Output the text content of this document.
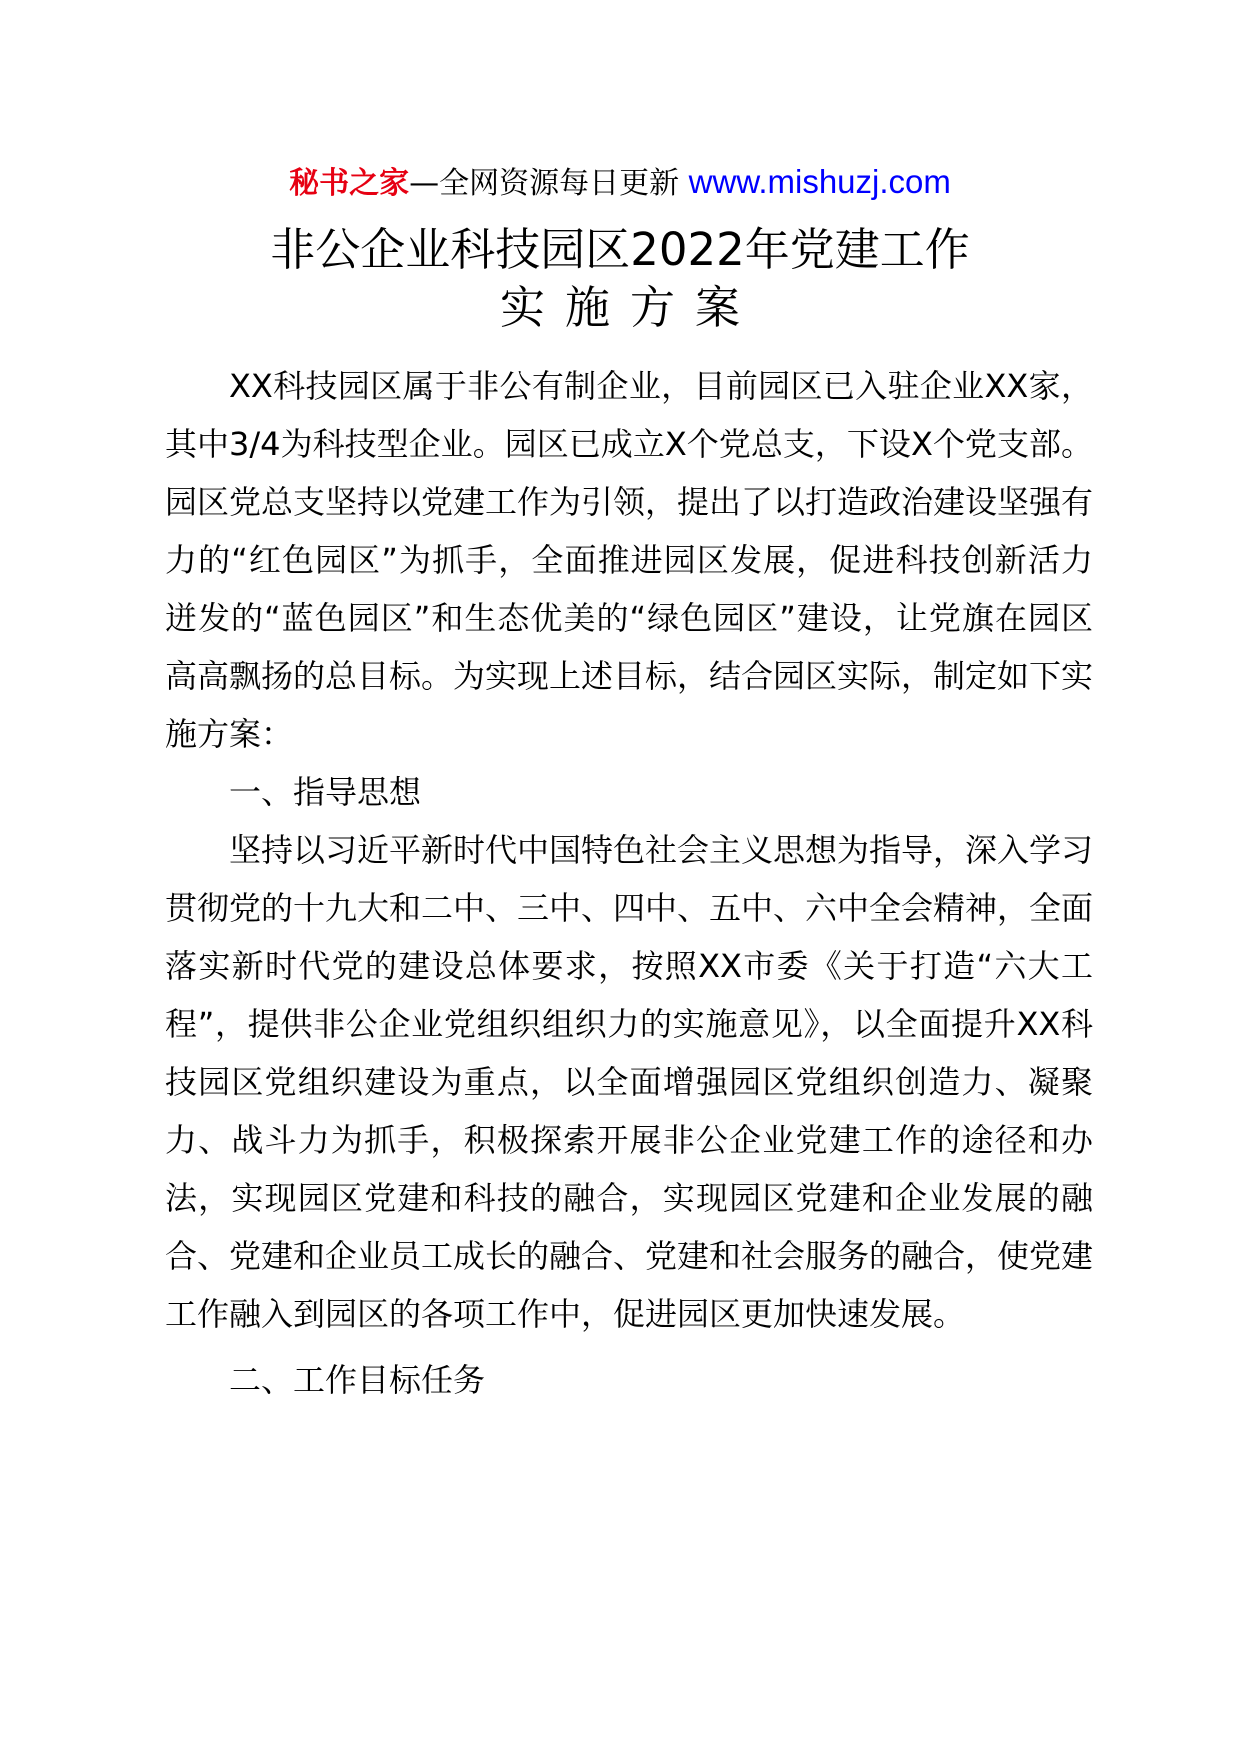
秘书之家—全网资源每日更新 www.mishuzj.com
非公企业科技园区2022年党建工作
实施方案

XX科技园区属于非公有制企业，目前园区已入驻企业XX家，其中3/4为科技型企业。园区已成立X个党总支，下设X个党支部。园区党总支坚持以党建工作为引领，提出了以打造政治建设坚强有力的“红色园区”为抓手，全面推进园区发展，促进科技创新活力迸发的“蓝色园区”和生态优美的“绿色园区”建设，让党旗在园区高高飘扬的总目标。为实现上述目标，结合园区实际，制定如下实施方案：

一、指导思想

坚持以习近平新时代中国特色社会主义思想为指导，深入学习贯彻党的十九大和二中、三中、四中、五中、六中全会精神，全面落实新时代党的建设总体要求，按照XX市委《关于打造“六大工程”，提供非公企业党组织组织力的实施意见》，以全面提升XX科技园区党组织建设为重点，以全面增强园区党组织创造力、凝聚力、战斗力为抓手，积极探索开展非公企业党建工作的途径和办法，实现园区党建和科技的融合，实现园区党建和企业发展的融合、党建和企业员工成长的融合、党建和社会服务的融合，使党建工作融入到园区的各项工作中，促进园区更加快速发展。

二、工作目标任务
